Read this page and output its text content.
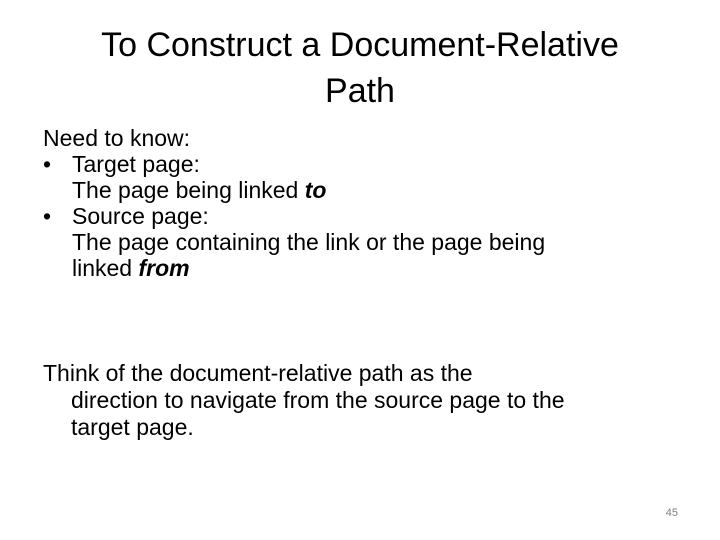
To Construct a Document-Relative
Path
Need to know:
• Target page:
The page being linked to
• Source page:
The page containing the link or the page being
linked from
Think of the document-relative path as the
direction to navigate from the source page to the
target page.
45
